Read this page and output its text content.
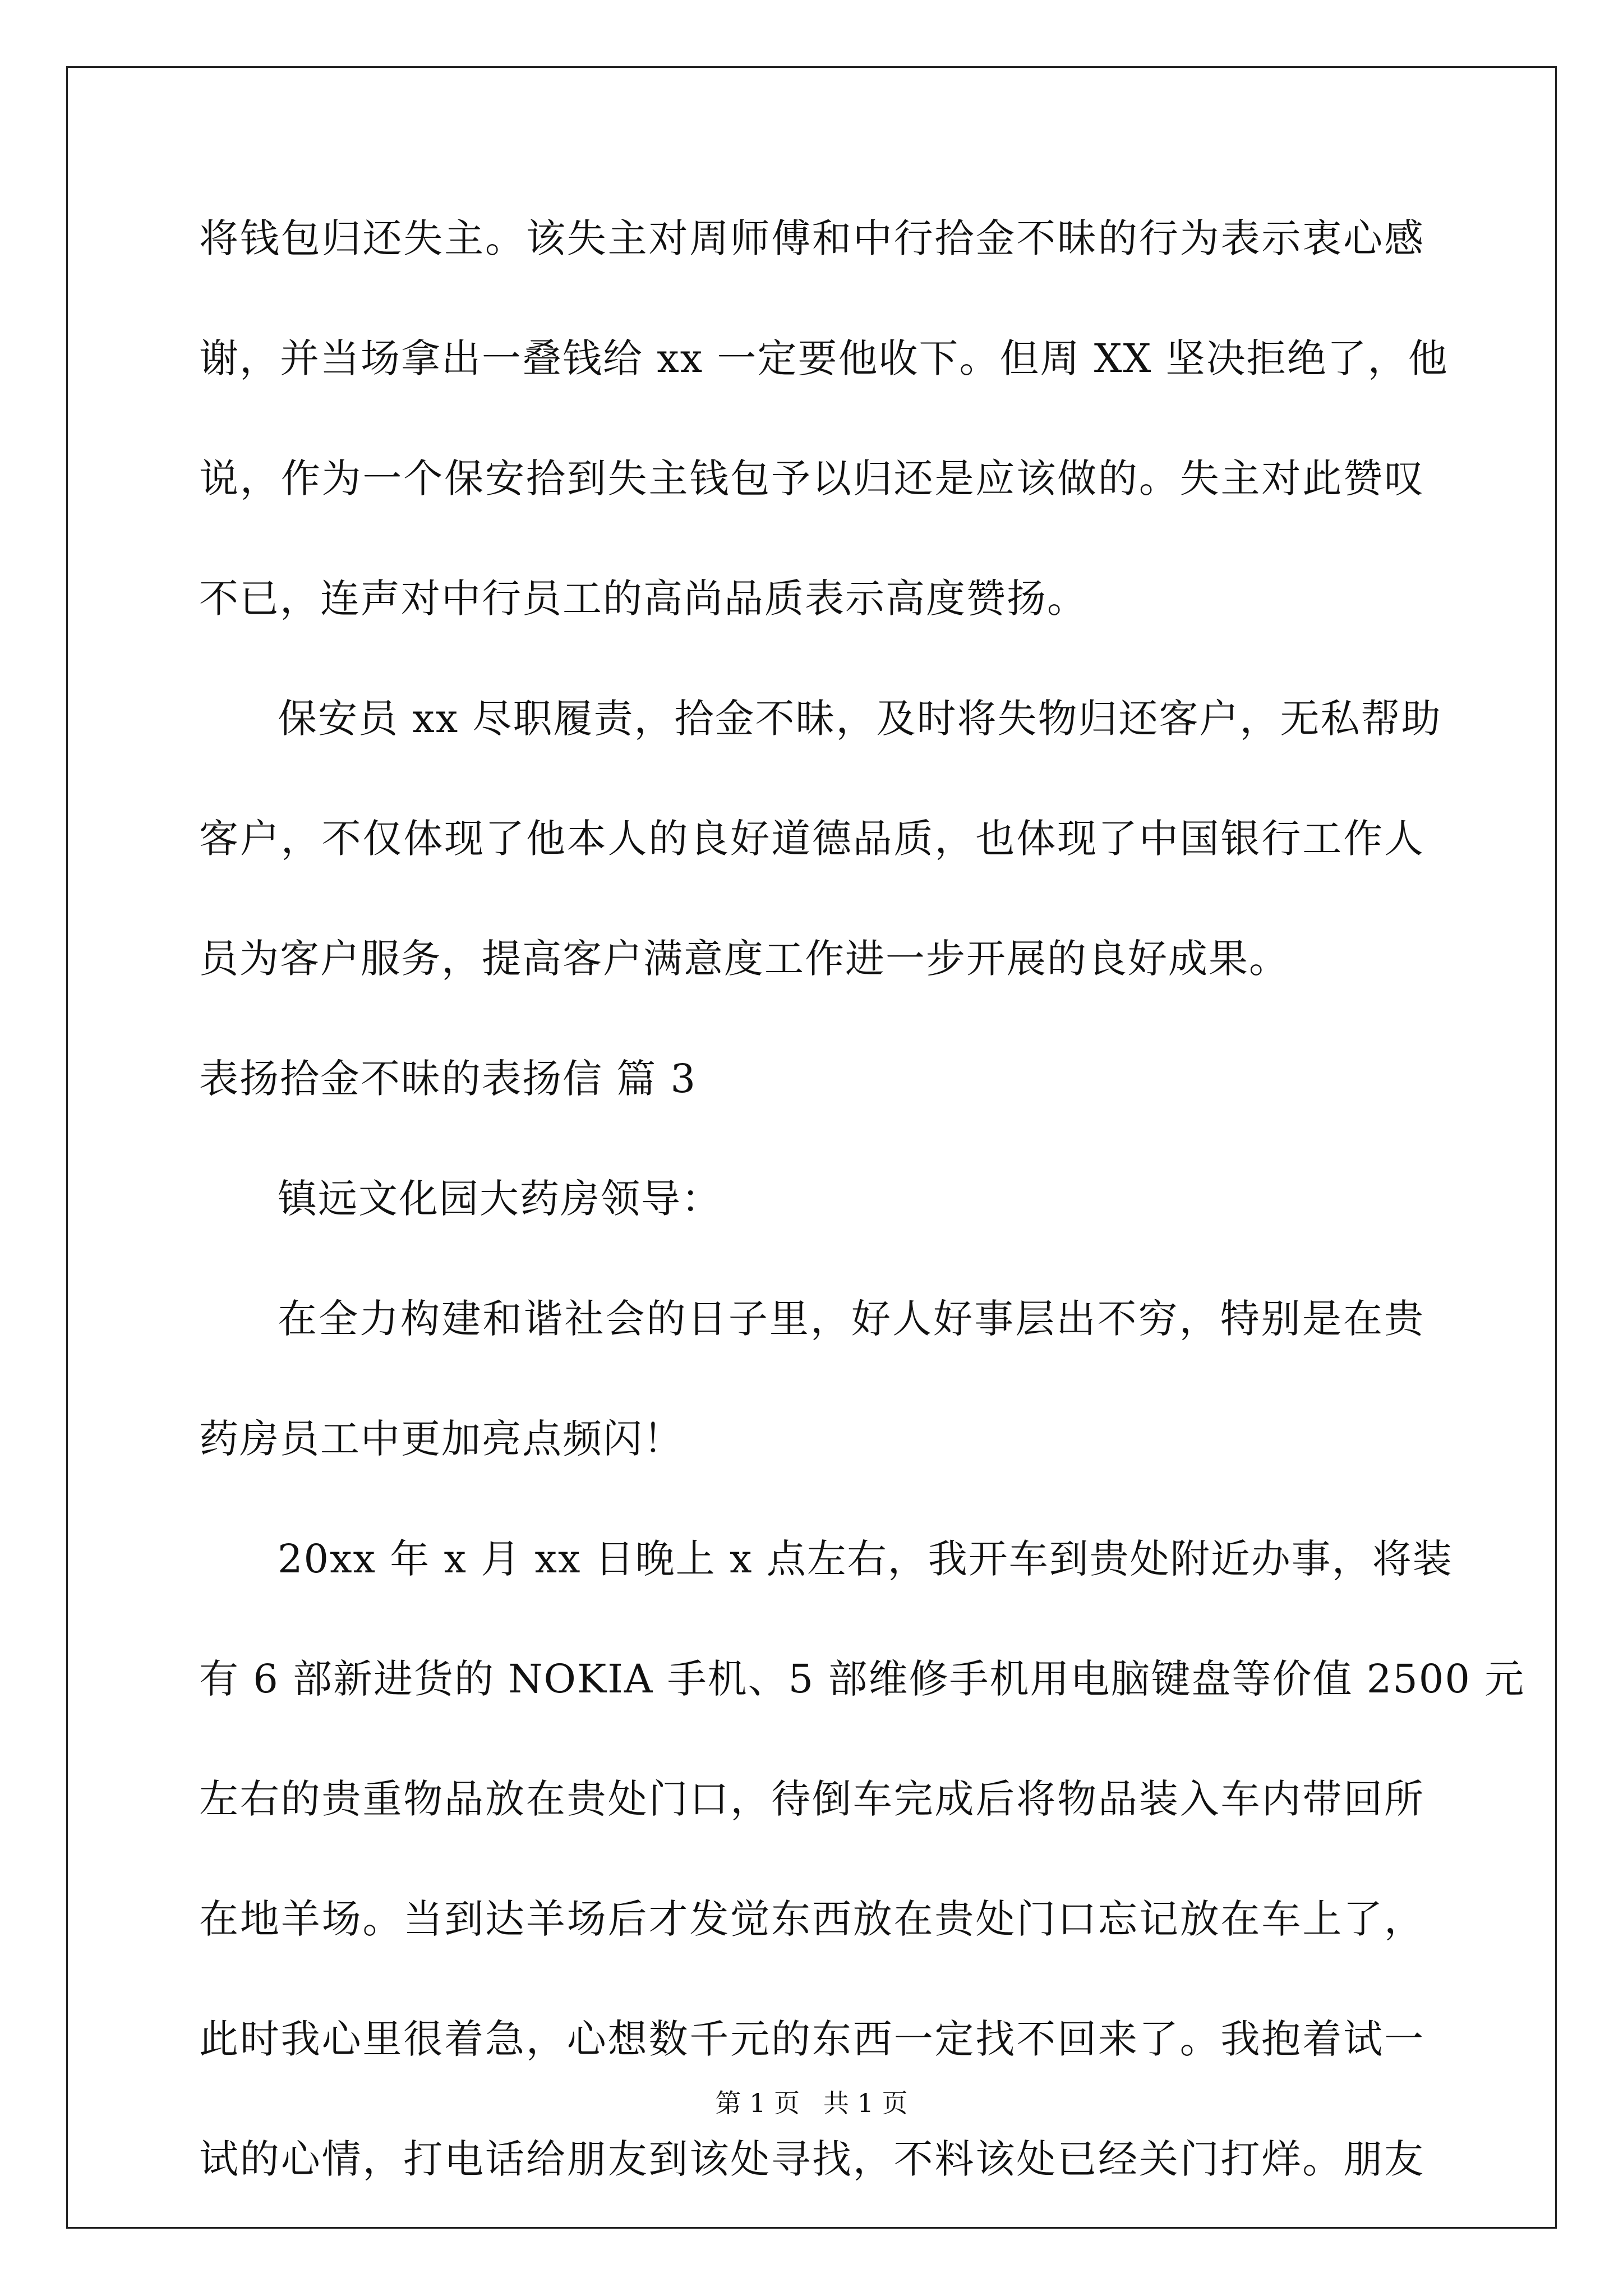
将钱包归还失主。该失主对周师傅和中行拾金不昧的行为表示衷心感

谢，并当场拿出一叠钱给 xx 一定要他收下。但周 XX 坚决拒绝了，他

说，作为一个保安拾到失主钱包予以归还是应该做的。失主对此赞叹

不已，连声对中行员工的高尚品质表示高度赞扬。

保安员 xx 尽职履责，拾金不昧，及时将失物归还客户，无私帮助

客户，不仅体现了他本人的良好道德品质，也体现了中国银行工作人

员为客户服务，提高客户满意度工作进一步开展的良好成果。

表扬拾金不昧的表扬信 篇 3

镇远文化园大药房领导：

在全力构建和谐社会的日子里，好人好事层出不穷，特别是在贵

药房员工中更加亮点频闪！

20xx 年 x 月 xx 日晚上 x 点左右，我开车到贵处附近办事，将装

有 6 部新进货的 NOKIA 手机、5 部维修手机用电脑键盘等价值 2500 元

左右的贵重物品放在贵处门口，待倒车完成后将物品装入车内带回所

在地羊场。当到达羊场后才发觉东西放在贵处门口忘记放在车上了，

此时我心里很着急，心想数千元的东西一定找不回来了。我抱着试一

试的心情，打电话给朋友到该处寻找，不料该处已经关门打烊。朋友

第 1 页 共 1 页
